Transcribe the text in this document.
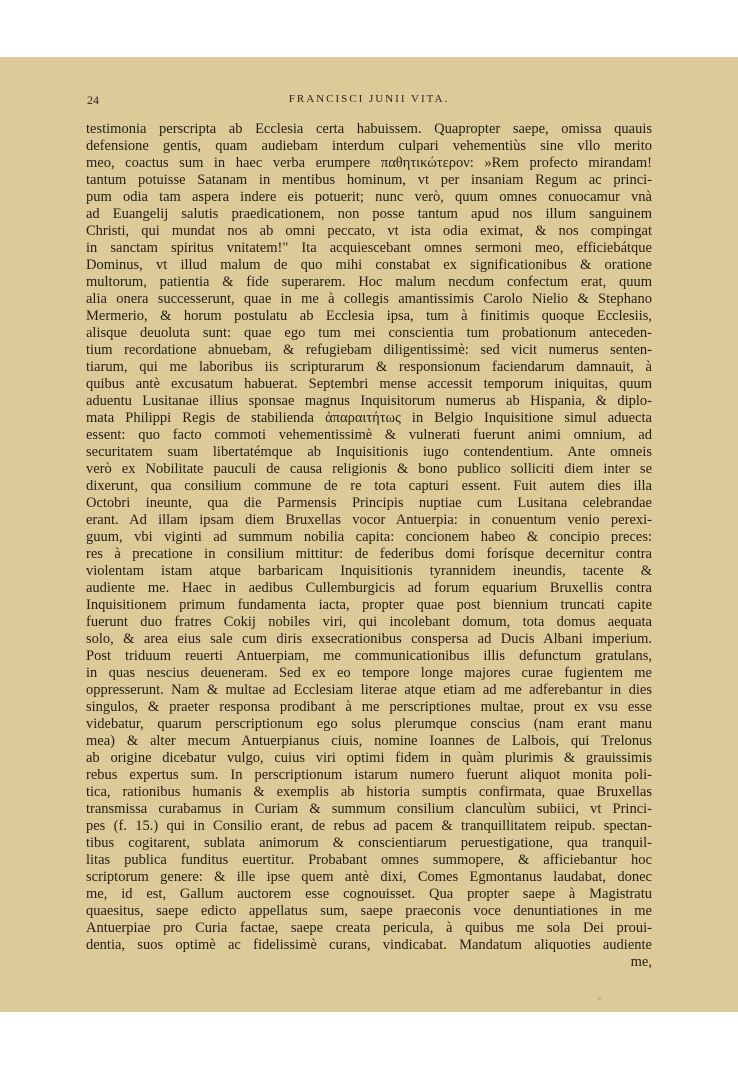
24	FRANCISCI JUNII VITA.
testimonia perscripta ab Ecclesia certa habuissem. Quapropter saepe, omissa quauis
defensione gentis, quam audiebam interdum culpari vehementiùs sine vllo merito
meo, coactus sum in haec verba erumpere παθητικώτερον: »Rem profecto mirandam!
tantum potuisse Satanam in mentibus hominum, vt per insaniam Regum ac princi-
pum odia tam aspera indere eis potuerit; nunc verò, quum omnes conuocamur vnà
ad Euangelij salutis praedicationem, non posse tantum apud nos illum sanguinem
Christi, qui mundat nos ab omni peccato, vt ista odia eximat, & nos compingat
in sanctam spiritus vnitatem!" Ita acquiescebant omnes sermoni meo, efficiebátque
Dominus, vt illud malum de quo mihi constabat ex significationibus & oratione
multorum, patientia & fide superarem. Hoc malum necdum confectum erat, quum
alia onera successerunt, quae in me à collegis amantissimis Carolo Nielio & Stephano
Mermerio, & horum postulatu ab Ecclesia ipsa, tum à finitimis quoque Ecclesiis,
alisque deuoluta sunt: quae ego tum mei conscientia tum probationum anteceden-
tium recordatione abnuebam, & refugiebam diligentissimè: sed vicit numerus senten-
tiarum, qui me laboribus iis scripturarum & responsionum faciendarum damnauit, à
quibus antè excusatum habuerat. Septembri mense accessit temporum iniquitas, quum
aduentu Lusitanae illius sponsae magnus Inquisitorum numerus ab Hispania, & diplo-
mata Philippi Regis de stabilienda ἀπαραιτήτως in Belgio Inquisitione simul aduecta
essent: quo facto commoti vehementissimè & vulnerati fuerunt animi omnium, ad
securitatem suam libertatémque ab Inquisitionis iugo contendentium. Ante omneis
verò ex Nobilitate pauculi de causa religionis & bono publico solliciti diem inter se
dixerunt, qua consilium commune de re tota capturi essent. Fuit autem dies illa
Octobri ineunte, qua die Parmensis Principis nuptiae cum Lusitana celebrandae
erant. Ad illam ipsam diem Bruxellas vocor Antuerpia: in conuentum venio perexi-
guum, vbi viginti ad summum nobilia capita: concionem habeo & concipio preces:
res à precatione in consilium mittitur: de federibus domi forísque decernitur contra
violentam istam atque barbaricam Inquisitionis tyrannidem ineundis, tacente &
audiente me. Haec in aedibus Cullemburgicis ad forum equarium Bruxellis contra
Inquisitionem primum fundamenta iacta, propter quae post biennium truncati capite
fuerunt duo fratres Cokij nobiles viri, qui incolebant domum, tota domus aequata
solo, & area eius sale cum diris exsecrationibus conspersa ad Ducis Albani imperium.
Post triduum reuerti Antuerpiam, me communicationibus illis defunctum gratulans,
in quas nescius deueneram. Sed ex eo tempore longe majores curae fugientem me
oppresserunt. Nam & multae ad Ecclesiam literae atque etiam ad me adferebantur in dies
singulos, & praeter responsa prodibant à me perscriptiones multae, prout ex vsu esse
videbatur, quarum perscriptionum ego solus plerumque conscius (nam erant manu
mea) & alter mecum Antuerpianus ciuis, nomine Ioannes de Lalbois, qui Trelonus
ab origine dicebatur vulgo, cuius viri optimi fidem in quàm plurimis & grauissimis
rebus expertus sum. In perscriptionum istarum numero fuerunt aliquot monita poli-
tica, rationibus humanis & exemplis ab historia sumptis confirmata, quae Bruxellas
transmissa curabamus in Curiam & summum consilium clanculùm subiici, vt Princi-
pes (f. 15.) qui in Consilio erant, de rebus ad pacem & tranquillitatem reipub. spectan-
tibus cogitarent, sublata animorum & conscientiarum peruestigatione, qua tranquil-
litas publica funditus euertitur. Probabant omnes summopere, & afficiebantur hoc
scriptorum genere: & ille ipse quem antè dixi, Comes Egmontanus laudabat, donec
me, id est, Gallum auctorem esse cognouisset. Qua propter saepe à Magistratu
quaesitus, saepe edicto appellatus sum, saepe praeconis voce denuntiationes in me
Antuerpiae pro Curia factae, saepe creata pericula, à quibus me sola Dei proui-
dentia, suos optimè ac fidelissimè curans, vindicabat. Mandatum aliquoties audiente
me,
